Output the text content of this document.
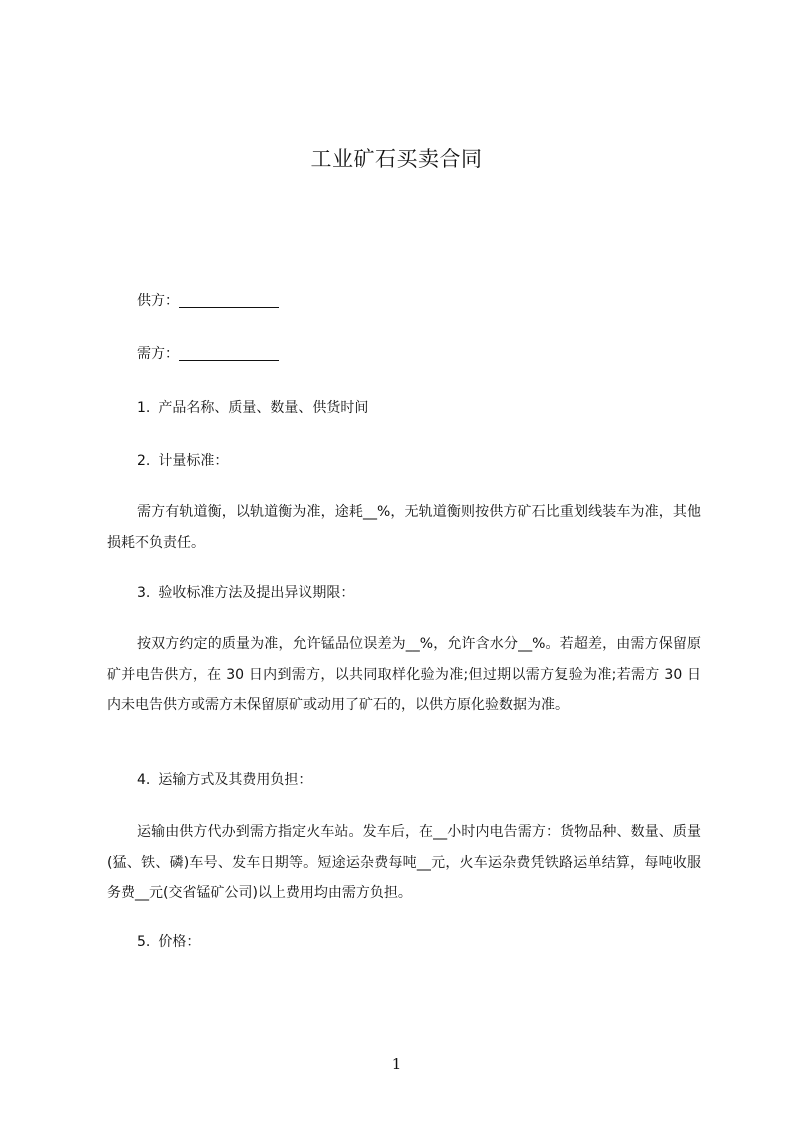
工业矿石买卖合同
供方：
需方：
1. 产品名称、质量、数量、供货时间
2. 计量标准：

需方有轨道衡，以轨道衡为准，途耗__%，无轨道衡则按供方矿石比重划线装车为准，其他损耗不负责任。

3. 验收标准方法及提出异议期限：

按双方约定的质量为准，允许锰品位误差为__%，允许含水分__%。若超差，由需方保留原矿并电告供方，在 30 日内到需方，以共同取样化验为准;但过期以需方复验为准;若需方 30 日内未电告供方或需方未保留原矿或动用了矿石的，以供方原化验数据为准。

4. 运输方式及其费用负担：

运输由供方代办到需方指定火车站。发车后，在__小时内电告需方：货物品种、数量、质量(猛、铁、磷)车号、发车日期等。短途运杂费每吨__元，火车运杂费凭铁路运单结算，每吨收服务费__元(交省锰矿公司)以上费用均由需方负担。

5. 价格：
1
